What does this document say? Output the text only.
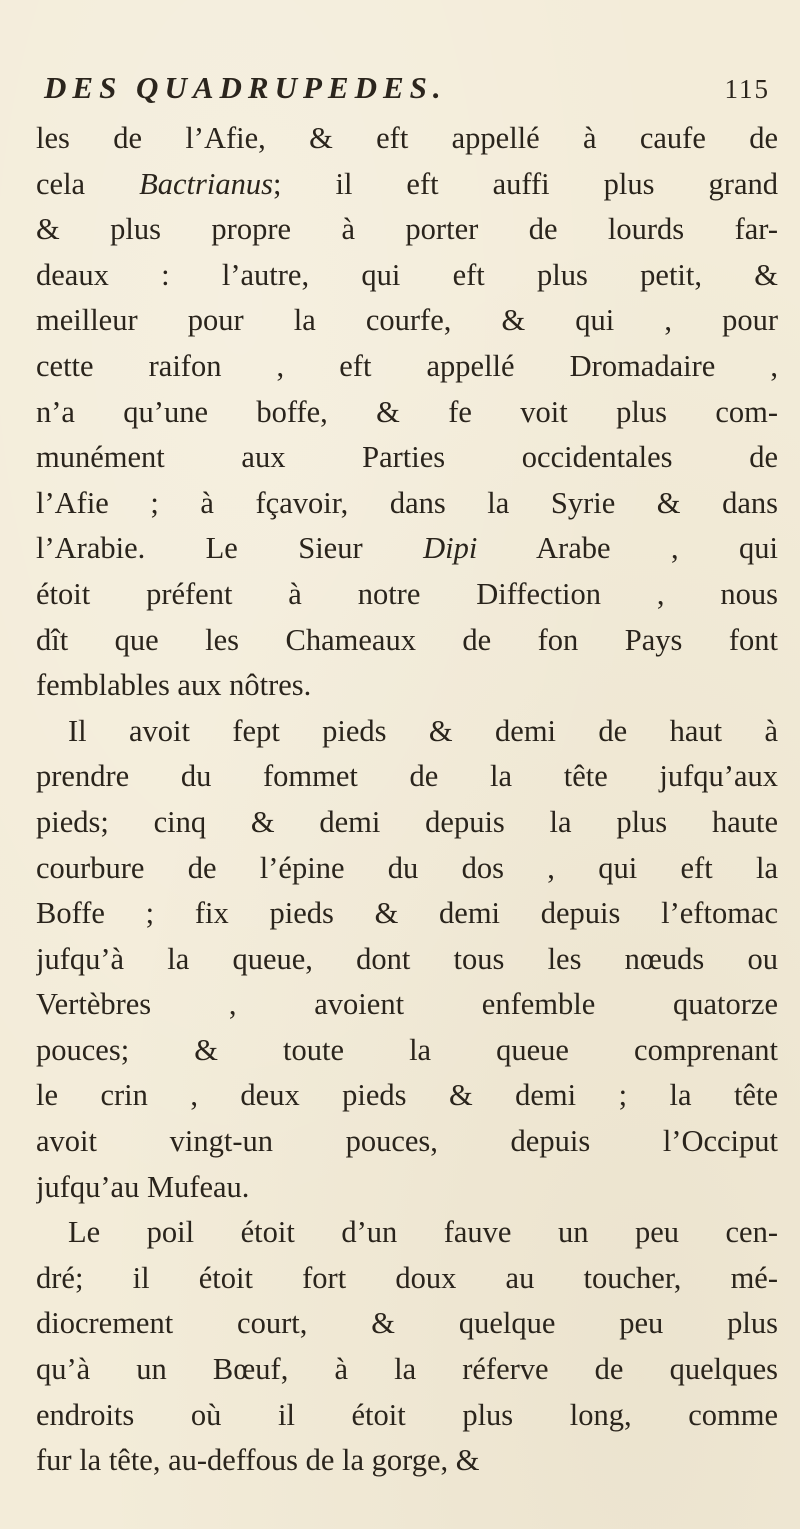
DES QUADRUPEDES.	115
les de l’Afie, & eft appellé à caufe de
cela Bactrianus; il eft auffi plus grand
& plus propre à porter de lourds far-
deaux : l’autre, qui eft plus petit, &
meilleur pour la courfe, & qui , pour
cette raifon , eft appellé Dromadaire ,
n’a qu’une boffe, & fe voit plus com-
munément aux Parties occidentales de
l’Afie ; à fçavoir, dans la Syrie & dans
l’Arabie. Le Sieur Dipi Arabe , qui
étoit préfent à notre Diffection , nous
dît que les Chameaux de fon Pays font
femblables aux nôtres.
Il avoit fept pieds & demi de haut à
prendre du fommet de la tête jufqu’aux
pieds; cinq & demi depuis la plus haute
courbure de l’épine du dos , qui eft la
Boffe ; fix pieds & demi depuis l’eftomac
jufqu’à la queue, dont tous les nœuds ou
Vertèbres , avoient enfemble quatorze
pouces; & toute la queue comprenant
le crin , deux pieds & demi ; la tête
avoit vingt-un pouces, depuis l’Occiput
jufqu’au Mufeau.
Le poil étoit d’un fauve un peu cen-
dré; il étoit fort doux au toucher, mé-
diocrement court, & quelque peu plus
qu’à un Bœuf, à la réferve de quelques
endroits où il étoit plus long, comme
fur la tête, au-deffous de la gorge, &
